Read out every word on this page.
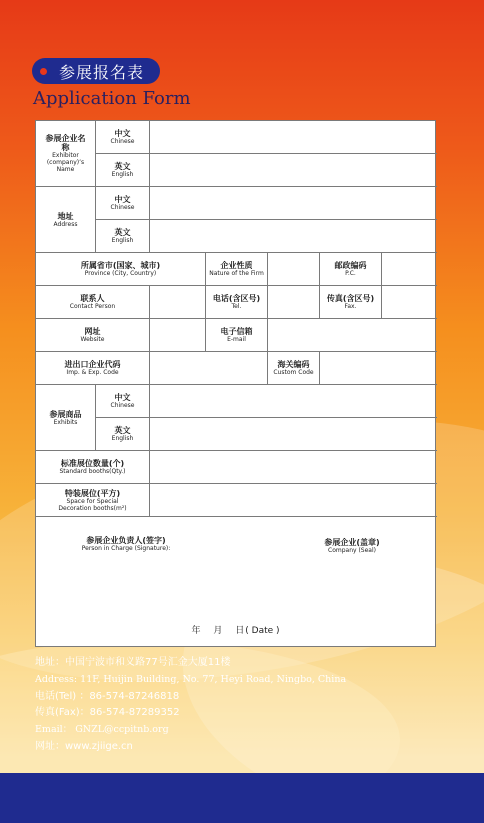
参展报名表
Application Form
参展企业名称
Exhibitor (company)’s Name
中文
Chinese
英文
English
地址
Address
中文
Chinese
英文
English
所属省市(国家、城市)
Province (City, Country)
企业性质
Nature of the Firm
邮政编码
P.C.
联系人
Contact Person
电话(含区号)
Tel.
传真(含区号)
Fax.
网址
Website
电子信箱
E-mail
进出口企业代码
Imp. & Exp. Code
海关编码
Custom Code
参展商品
Exhibits
中文
Chinese
英文
English
标准展位数量(个)
Standard booths(Qty.)
特装展位(平方)
Space for Special Decoration booths(m²)
参展企业负责人(签字)
Person in Charge (Signature):
参展企业(盖章)
Company (Seal)
年 月 日( Date )
地址：中国宁波市和义路77号汇金大厦11楼
Address: 11F, Huijin Building, No. 77, Heyi Road, Ningbo, China
电话(Tel) ：86-574-87246818
传真(Fax)：86-574-87289352
Email： GNZL@ccpitnb.org
网址：www.zjiige.cn
